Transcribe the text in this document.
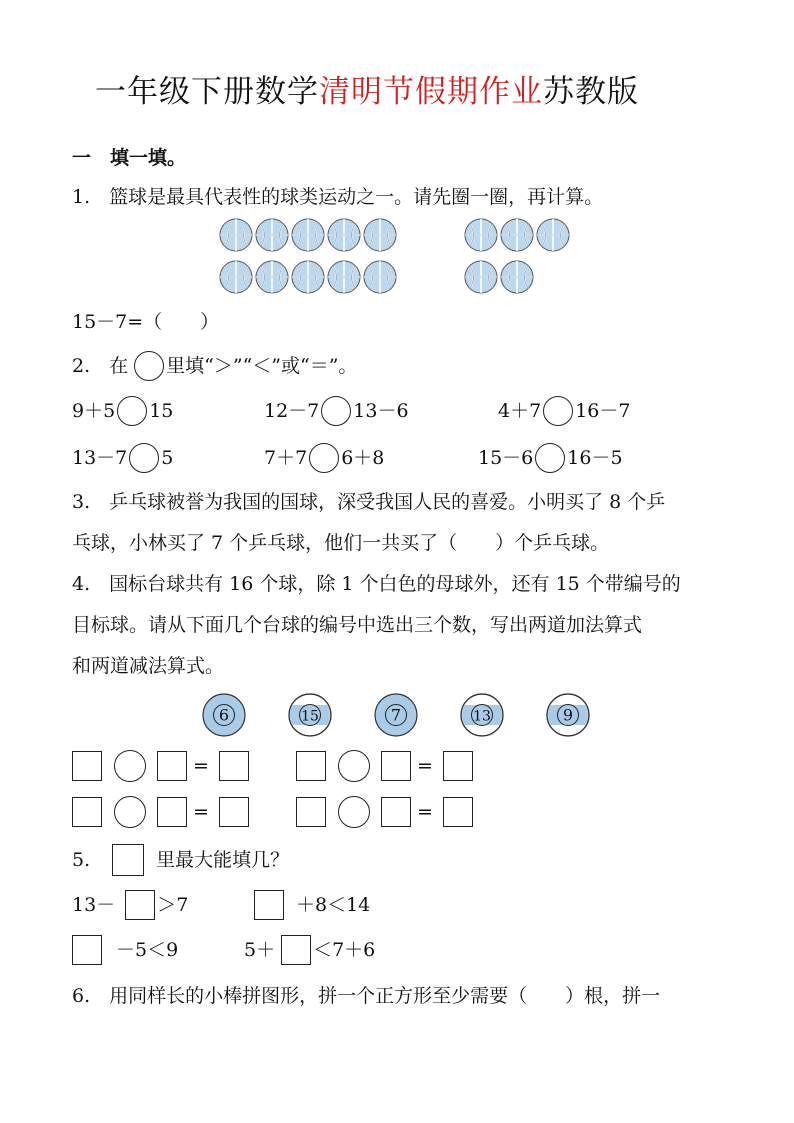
一年级下册数学清明节假期作业苏教版
一　填一填。
1.　篮球是最具代表性的球类运动之一。请先圈一圈，再计算。
15－7=（　　）
2.　在 里填“＞”“＜”或“＝”。
9＋5 15	12－7 13－6	4＋7 16－7
13－7 5	7＋7 6＋8	15－6 16－5
3.　乒乓球被誉为我国的国球，深受我国人民的喜爱。小明买了 8 个乒
乓球，小林买了 7 个乒乓球，他们一共买了（　　）个乒乓球。
4.　国标台球共有 16 个球，除 1 个白色的母球外，还有 15 个带编号的
目标球。请从下面几个台球的编号中选出三个数，写出两道加法算式
和两道减法算式。
6	15	7	13	9
=	=
=	=
5.	里最大能填几？
13－ ＞7	＋8＜14
－5＜9	5＋ ＜7＋6
6.　用同样长的小棒拼图形，拼一个正方形至少需要（　　）根，拼一
